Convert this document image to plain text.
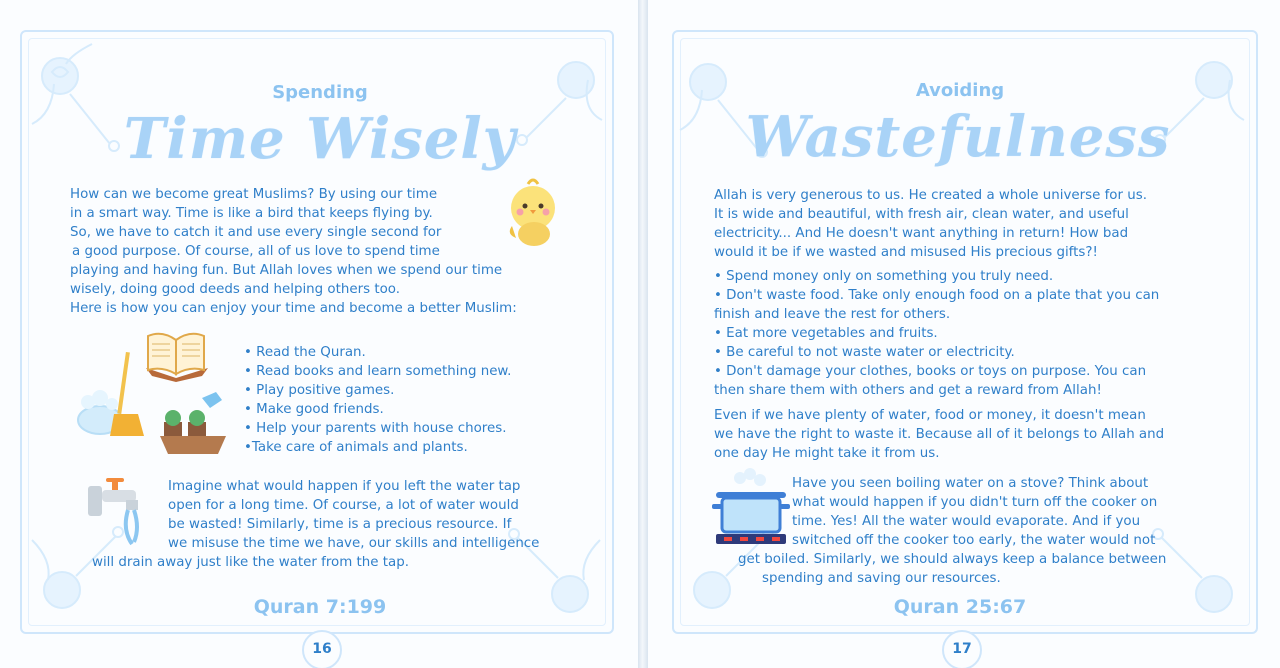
Spending
Time Wisely

How can we become great Muslims? By using our time
in a smart way. Time is like a bird that keeps flying by.
So, we have to catch it and use every single second for
a good purpose. Of course, all of us love to spend time
playing and having fun. But Allah loves when we spend our time
wisely, doing good deeds and helping others too.
Here is how you can enjoy your time and become a better Muslim:

• Read the Quran.
• Read books and learn something new.
• Play positive games.
• Make good friends.
• Help your parents with house chores.
•Take care of animals and plants.

Imagine what would happen if you left the water tap
open for a long time. Of course, a lot of water would
be wasted! Similarly, time is a precious resource. If
we misuse the time we have, our skills and intelligence
will drain away just like the water from the tap.

Quran 7:199
16
Avoiding
Wastefulness

Allah is very generous to us. He created a whole universe for us.
It is wide and beautiful, with fresh air, clean water, and useful
electricity... And He doesn't want anything in return! How bad
would it be if we wasted and misused His precious gifts?!

• Spend money only on something you truly need.
• Don't waste food. Take only enough food on a plate that you can
finish and leave the rest for others.
• Eat more vegetables and fruits.
• Be careful to not waste water or electricity.
• Don't damage your clothes, books or toys on purpose. You can
then share them with others and get a reward from Allah!

Even if we have plenty of water, food or money, it doesn't mean
we have the right to waste it. Because all of it belongs to Allah and
one day He might take it from us.

Have you seen boiling water on a stove? Think about
what would happen if you didn't turn off the cooker on
time. Yes! All the water would evaporate. And if you
switched off the cooker too early, the water would not
get boiled. Similarly, we should always keep a balance between
spending and saving our resources.

Quran 25:67
17
